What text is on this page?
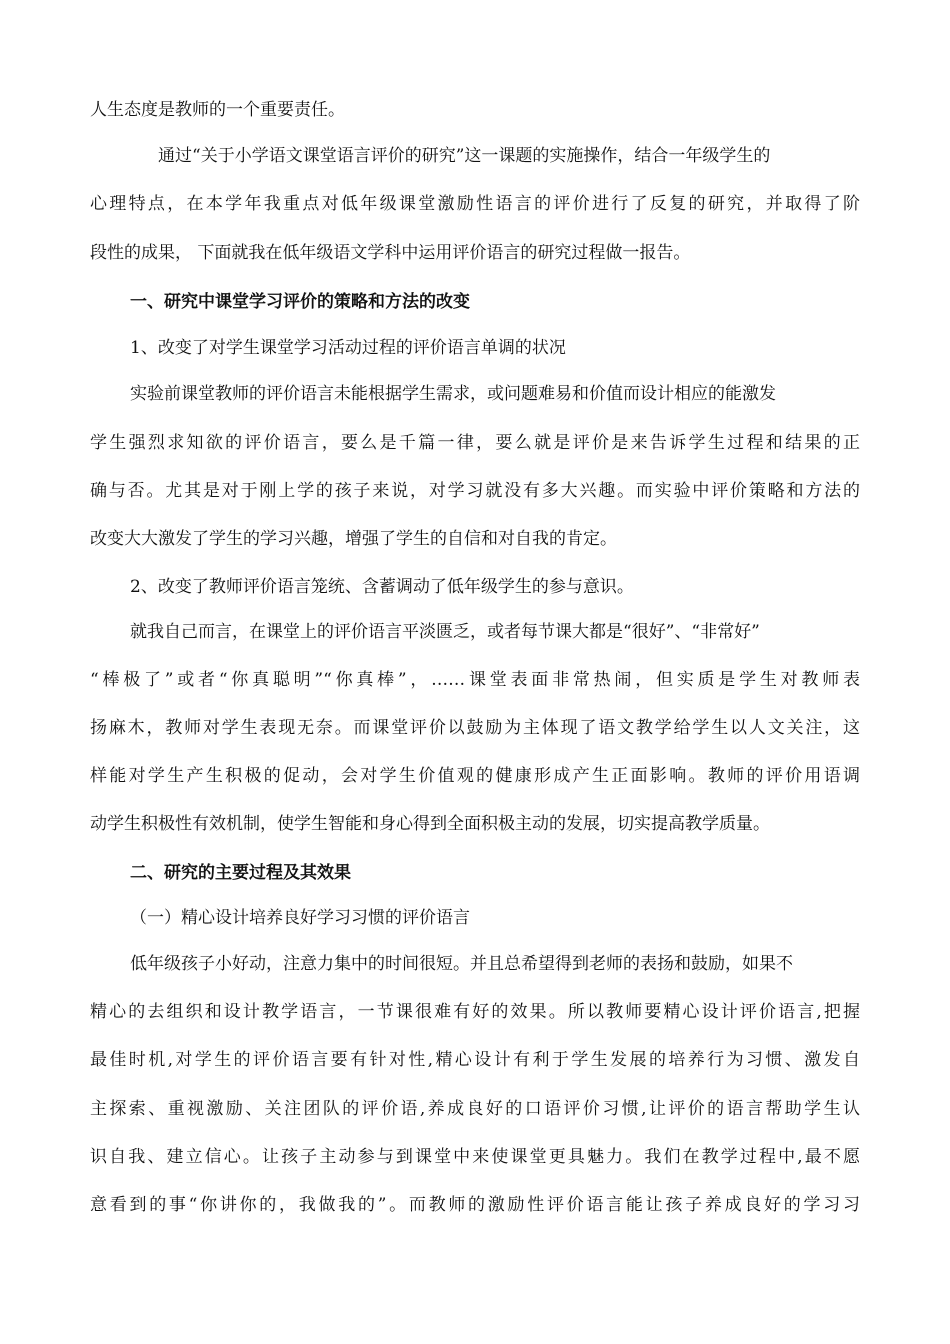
人生态度是教师的一个重要责任。
通过“关于小学语文课堂语言评价的研究”这一课题的实施操作，结合一年级学生的
心理特点，在本学年我重点对低年级课堂激励性语言的评价进行了反复的研究，并取得了阶
段性的成果， 下面就我在低年级语文学科中运用评价语言的研究过程做一报告。
一、研究中课堂学习评价的策略和方法的改变
1、改变了对学生课堂学习活动过程的评价语言单调的状况
实验前课堂教师的评价语言未能根据学生需求，或问题难易和价值而设计相应的能激发
学生强烈求知欲的评价语言，要么是千篇一律，要么就是评价是来告诉学生过程和结果的正
确与否。尤其是对于刚上学的孩子来说，对学习就没有多大兴趣。而实验中评价策略和方法的
改变大大激发了学生的学习兴趣，增强了学生的自信和对自我的肯定。
2、改变了教师评价语言笼统、含蓄调动了低年级学生的参与意识。
就我自己而言，在课堂上的评价语言平淡匮乏，或者每节课大都是“很好”、“非常好”
“棒极了”或者“你真聪明”“你真棒”，……课堂表面非常热闹，但实质是学生对教师表
扬麻木，教师对学生表现无奈。而课堂评价以鼓励为主体现了语文教学给学生以人文关注，这
样能对学生产生积极的促动，会对学生价值观的健康形成产生正面影响。教师的评价用语调
动学生积极性有效机制，使学生智能和身心得到全面积极主动的发展，切实提高教学质量。
二、研究的主要过程及其效果
（一）精心设计培养良好学习习惯的评价语言
低年级孩子小好动，注意力集中的时间很短。并且总希望得到老师的表扬和鼓励，如果不
精心的去组织和设计教学语言，一节课很难有好的效果。所以教师要精心设计评价语言,把握
最佳时机,对学生的评价语言要有针对性,精心设计有利于学生发展的培养行为习惯、激发自
主探索、重视激励、关注团队的评价语,养成良好的口语评价习惯,让评价的语言帮助学生认
识自我、建立信心。让孩子主动参与到课堂中来使课堂更具魅力。我们在教学过程中,最不愿
意看到的事“你讲你的，我做我的”。而教师的激励性评价语言能让孩子养成良好的学习习
